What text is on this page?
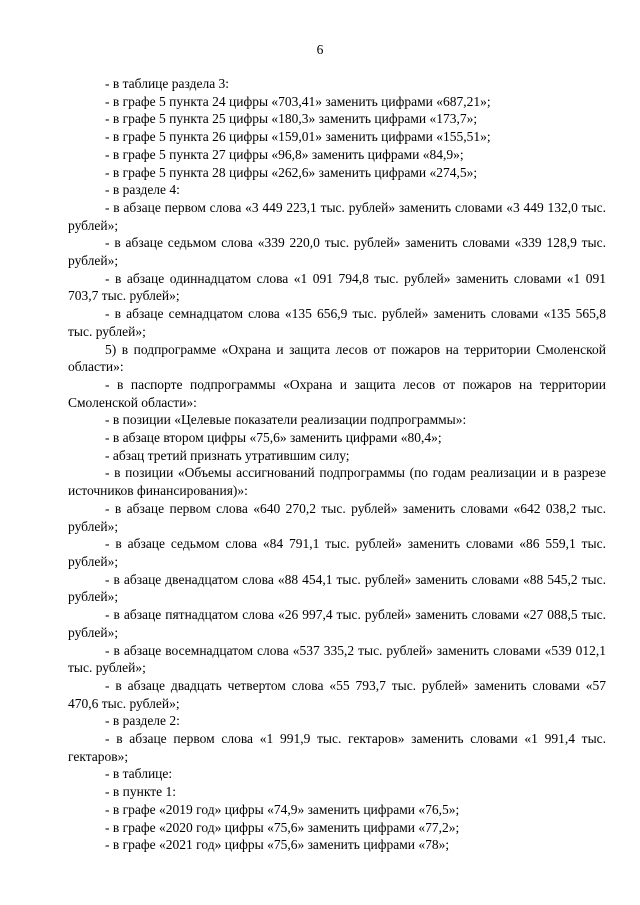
6

- в таблице раздела 3:

- в графе 5 пункта 24 цифры «703,41» заменить цифрами «687,21»;

- в графе 5 пункта 25 цифры «180,3» заменить цифрами «173,7»;

- в графе 5 пункта 26 цифры «159,01» заменить цифрами «155,51»;

- в графе 5 пункта 27 цифры «96,8» заменить цифрами «84,9»;

- в графе 5 пункта 28 цифры «262,6» заменить цифрами «274,5»;

- в разделе 4:

- в абзаце первом слова «3 449 223,1 тыс. рублей» заменить словами «3 449 132,0 тыс. рублей»;

- в абзаце седьмом слова «339 220,0 тыс. рублей» заменить словами «339 128,9 тыс. рублей»;

- в абзаце одиннадцатом слова «1 091 794,8 тыс. рублей» заменить словами «1 091 703,7 тыс. рублей»;

- в абзаце семнадцатом слова «135 656,9 тыс. рублей» заменить словами «135 565,8 тыс. рублей»;

5) в подпрограмме «Охрана и защита лесов от пожаров на территории Смоленской области»:

- в паспорте подпрограммы «Охрана и защита лесов от пожаров на территории Смоленской области»:

- в позиции «Целевые показатели реализации подпрограммы»:

- в абзаце втором цифры «75,6» заменить цифрами «80,4»;

- абзац третий признать утратившим силу;

- в позиции «Объемы ассигнований подпрограммы (по годам реализации и в разрезе источников финансирования)»:

- в абзаце первом слова «640 270,2 тыс. рублей» заменить словами «642 038,2 тыс. рублей»;

- в абзаце седьмом слова «84 791,1 тыс. рублей» заменить словами «86 559,1 тыс. рублей»;

- в абзаце двенадцатом слова «88 454,1 тыс. рублей» заменить словами «88 545,2 тыс. рублей»;

- в абзаце пятнадцатом слова «26 997,4 тыс. рублей» заменить словами «27 088,5 тыс. рублей»;

- в абзаце восемнадцатом слова «537 335,2 тыс. рублей» заменить словами «539 012,1 тыс. рублей»;

- в абзаце двадцать четвертом слова «55 793,7 тыс. рублей» заменить словами «57 470,6 тыс. рублей»;

- в разделе 2:

- в абзаце первом слова «1 991,9 тыс. гектаров» заменить словами «1 991,4 тыс. гектаров»;

- в таблице:

- в пункте 1:

- в графе «2019 год» цифры «74,9» заменить цифрами «76,5»;

- в графе «2020 год» цифры «75,6» заменить цифрами «77,2»;

- в графе «2021 год» цифры «75,6» заменить цифрами «78»;
